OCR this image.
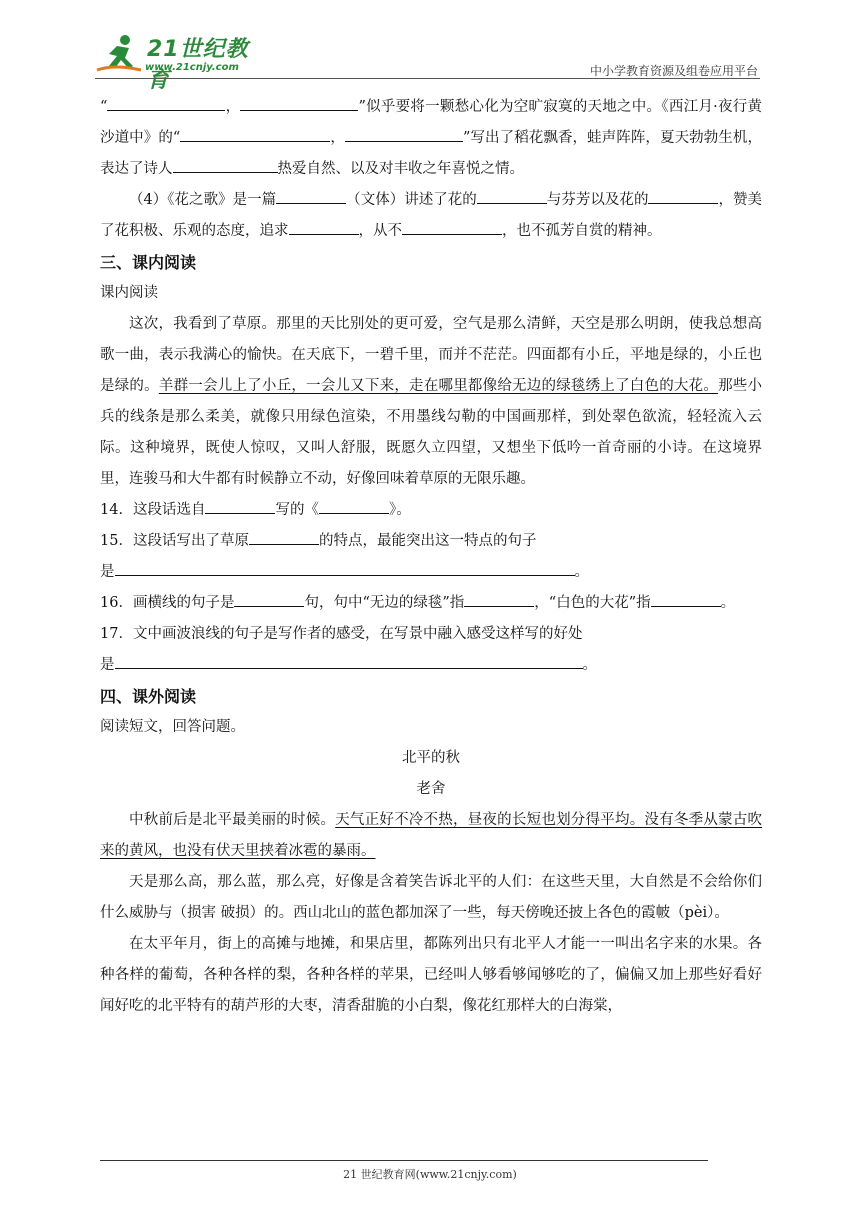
21世纪教育
www.21cnjy.com	中小学教育资源及组卷应用平台

“	，	”似乎要将一颗愁心化为空旷寂寞的天地之中。《西江月·夜行黄沙道中》的“	，	”写出了稻花飘香，蛙声阵阵，夏天勃勃生机，表达了诗人	热爱自然、以及对丰收之年喜悦之情。

（4）《花之歌》是一篇	（文体）讲述了花的	与芬芳以及花的	，赞美了花积极、乐观的态度，追求	，从不	，也不孤芳自赏的精神。

三、课内阅读

课内阅读

这次，我看到了草原。那里的天比别处的更可爱，空气是那么清鲜，天空是那么明朗，使我总想高歌一曲，表示我满心的愉快。在天底下，一碧千里，而并不茫茫。四面都有小丘，平地是绿的，小丘也是绿的。羊群一会儿上了小丘，一会儿又下来，走在哪里都像给无边的绿毯绣上了白色的大花。那些小兵的线条是那么柔美，就像只用绿色渲染，不用墨线勾勒的中国画那样，到处翠色欲流，轻轻流入云际。这种境界，既使人惊叹，又叫人舒服，既愿久立四望，又想坐下低吟一首奇丽的小诗。在这境界里，连骏马和大牛都有时候静立不动，好像回味着草原的无限乐趣。

14．这段话选自	写的《	》。

15．这段话写出了草原	的特点，最能突出这一特点的句子
是	。

16．画横线的句子是	句，句中“无边的绿毯”指	，“白色的大花”指	。

17．文中画波浪线的句子是写作者的感受，在写景中融入感受这样写的好处
是	。

四、课外阅读

阅读短文，回答问题。

北平的秋

老舍

中秋前后是北平最美丽的时候。天气正好不冷不热，昼夜的长短也划分得平均。没有冬季从蒙古吹来的黄风，也没有伏天里挟着冰雹的暴雨。

天是那么高，那么蓝，那么亮，好像是含着笑告诉北平的人们：在这些天里，大自然是不会给你们什么威胁与（损害 破损）的。西山北山的蓝色都加深了一些，每天傍晚还披上各色的霞帔（pèi）。

在太平年月，街上的高摊与地摊，和果店里，都陈列出只有北平人才能一一叫出名字来的水果。各种各样的葡萄，各种各样的梨，各种各样的苹果，已经叫人够看够闻够吃的了，偏偏又加上那些好看好闻好吃的北平特有的葫芦形的大枣，清香甜脆的小白梨，像花红那样大的白海棠，

21 世纪教育网(www.21cnjy.com)
